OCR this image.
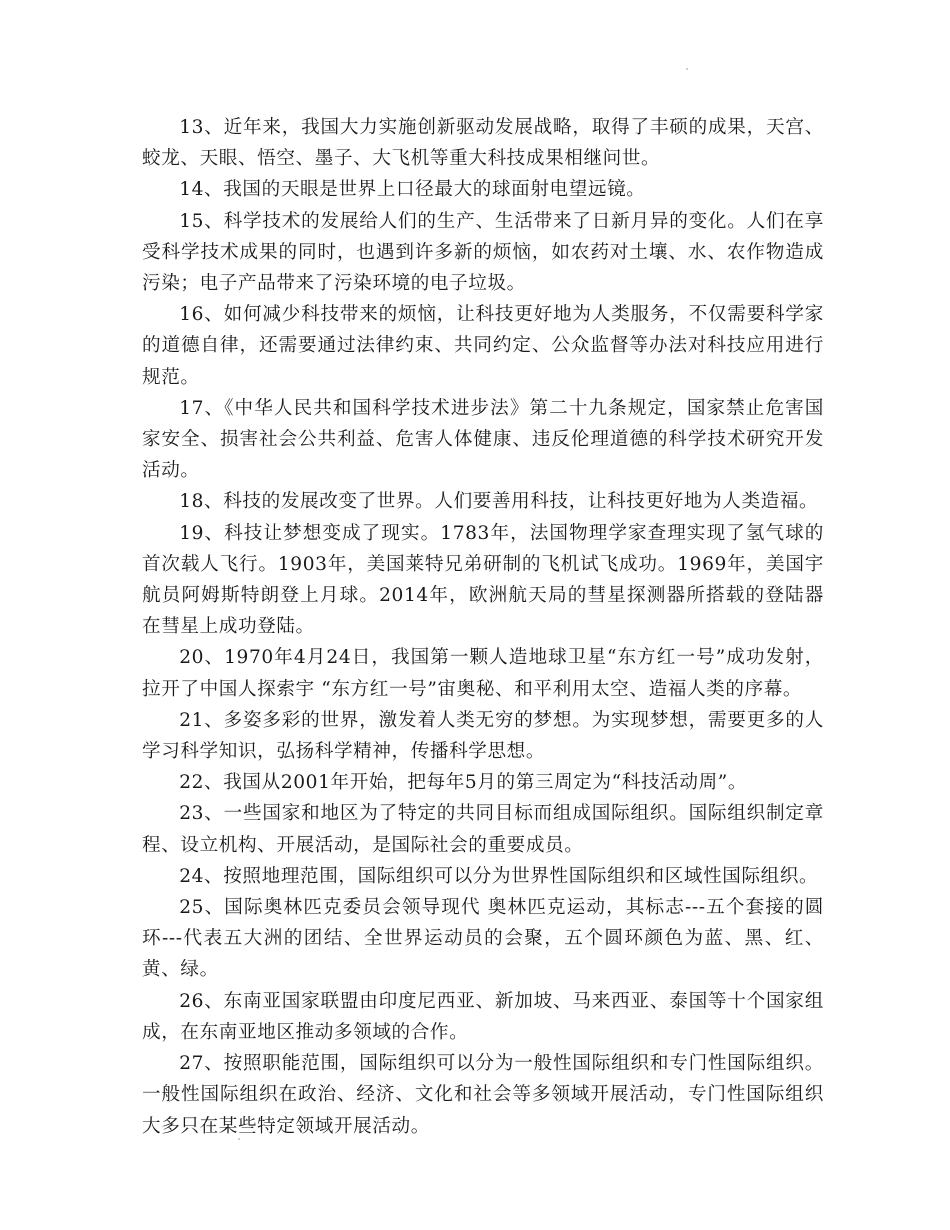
13、近年来，我国大力实施创新驱动发展战略，取得了丰硕的成果，天宫、蛟龙、天眼、悟空、墨子、大飞机等重大科技成果相继问世。

14、我国的天眼是世界上口径最大的球面射电望远镜。

15、科学技术的发展给人们的生产、生活带来了日新月异的变化。人们在享受科学技术成果的同时，也遇到许多新的烦恼，如农药对土壤、水、农作物造成污染；电子产品带来了污染环境的电子垃圾。

16、如何减少科技带来的烦恼，让科技更好地为人类服务，不仅需要科学家的道德自律，还需要通过法律约束、共同约定、公众监督等办法对科技应用进行规范。

17、《中华人民共和国科学技术进步法》第二十九条规定，国家禁止危害国家安全、损害社会公共利益、危害人体健康、违反伦理道德的科学技术研究开发活动。

18、科技的发展改变了世界。人们要善用科技，让科技更好地为人类造福。

19、科技让梦想变成了现实。1783年，法国物理学家查理实现了氢气球的首次载人飞行。1903年，美国莱特兄弟研制的飞机试飞成功。1969年，美国宇航员阿姆斯特朗登上月球。2014年，欧洲航天局的彗星探测器所搭载的登陆器在彗星上成功登陆。

20、1970年4月24日，我国第一颗人造地球卫星“东方红一号”成功发射，拉开了中国人探索宇 “东方红一号”宙奥秘、和平利用太空、造福人类的序幕。

21、多姿多彩的世界，激发着人类无穷的梦想。为实现梦想，需要更多的人学习科学知识，弘扬科学精神，传播科学思想。

22、我国从2001年开始，把每年5月的第三周定为“科技活动周”。

23、一些国家和地区为了特定的共同目标而组成国际组织。国际组织制定章程、设立机构、开展活动，是国际社会的重要成员。

24、按照地理范围，国际组织可以分为世界性国际组织和区域性国际组织。

25、国际奥林匹克委员会领导现代 奥林匹克运动，其标志---五个套接的圆环---代表五大洲的团结、全世界运动员的会聚，五个圆环颜色为蓝、黑、红、黄、绿。

26、东南亚国家联盟由印度尼西亚、新加坡、马来西亚、泰国等十个国家组成，在东南亚地区推动多领域的合作。

27、按照职能范围，国际组织可以分为一般性国际组织和专门性国际组织。一般性国际组织在政治、经济、文化和社会等多领域开展活动，专门性国际组织大多只在某些特定领域开展活动。
